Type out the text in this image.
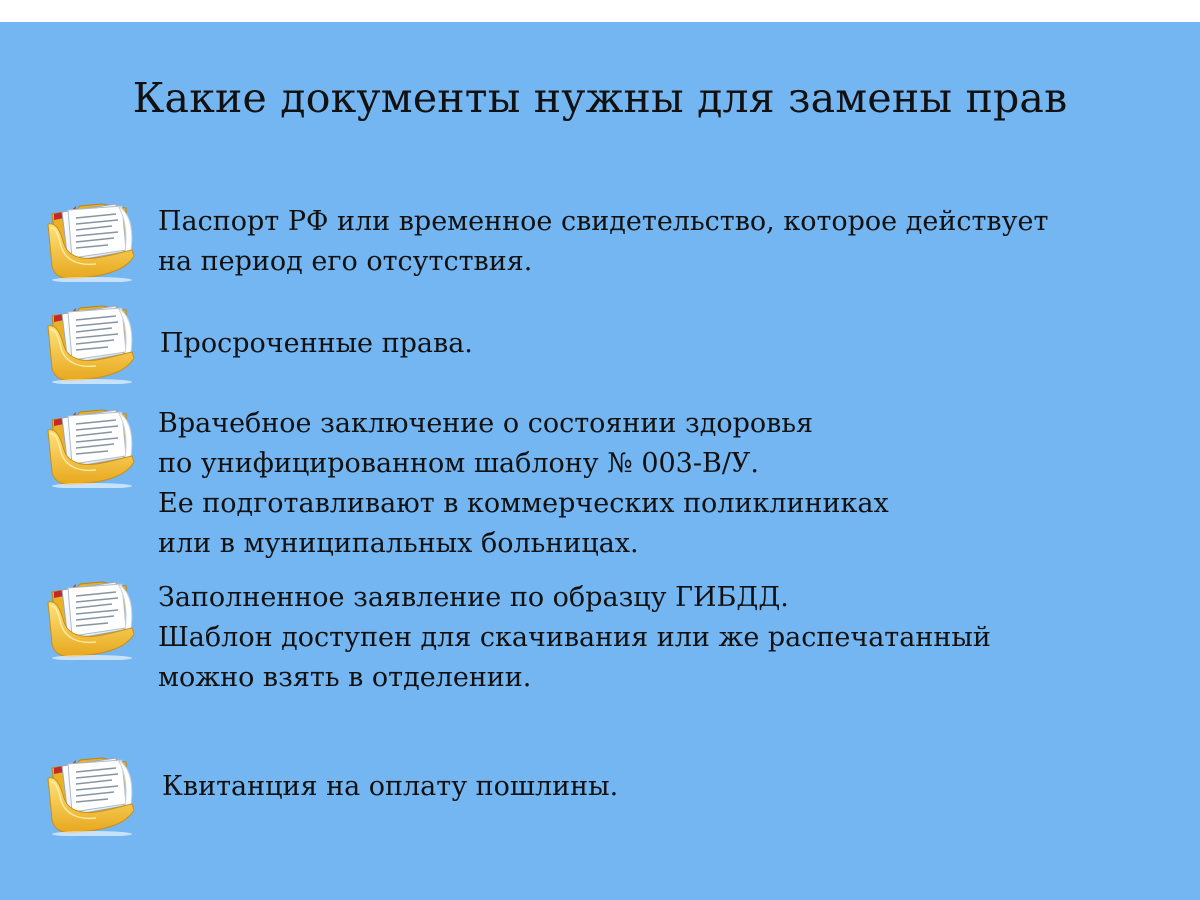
Какие документы нужны для замены прав

Паспорт РФ или временное свидетельство, которое действует
на период его отсутствия.

Просроченные права.

Врачебное заключение о состоянии здоровья
по унифицированном шаблону № 003-В/У.
Ее подготавливают в коммерческих поликлиниках
или в муниципальных больницах.

Заполненное заявление по образцу ГИБДД.
Шаблон доступен для скачивания или же распечатанный
можно взять в отделении.

Квитанция на оплату пошлины.
